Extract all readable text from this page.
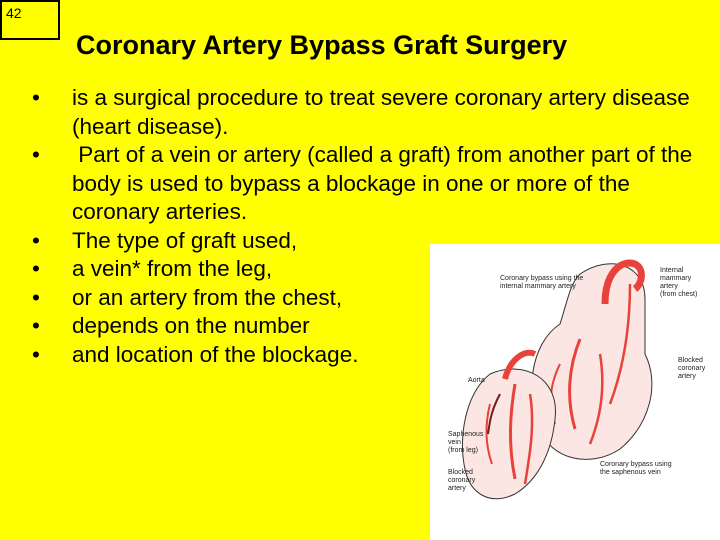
42
Coronary Artery Bypass Graft Surgery
• is a surgical procedure to treat severe coronary artery disease (heart disease).
• Part of a vein or artery (called a graft) from another part of the body is used to bypass a blockage in one or more of the coronary arteries.
• The type of graft used,
• a vein* from the leg,
• or an artery from the chest,
• depends on the number
• and location of the blockage.
Coronary bypass using the
internal mammary artery
Internal
mammary
artery
(from chest)
Aorta
Blocked
coronary
artery
Saphenous
vein
(from leg)
Blocked
coronary
artery
Coronary bypass using
the saphenous vein
